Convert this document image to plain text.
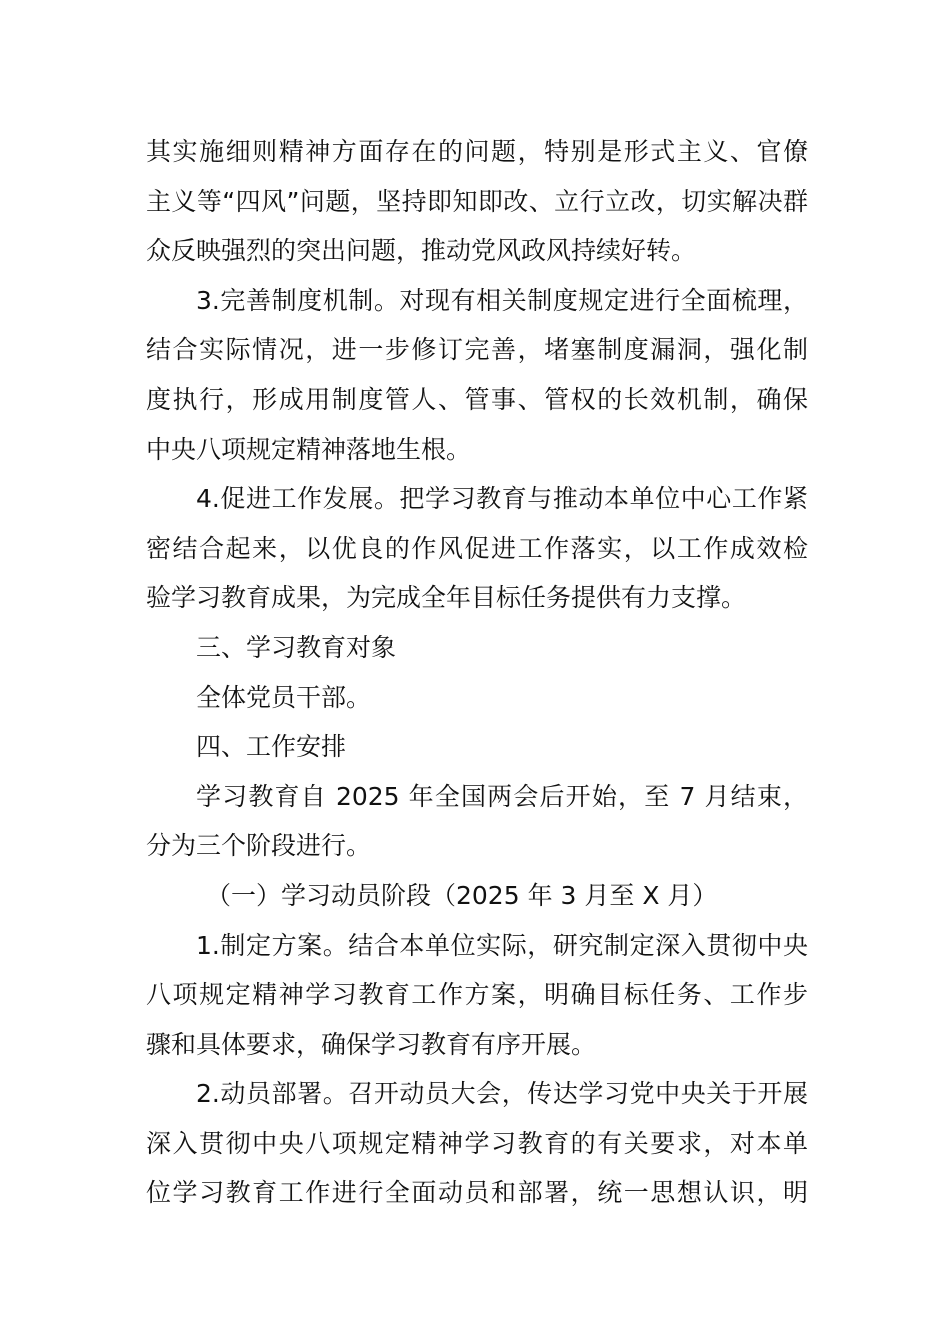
其实施细则精神方面存在的问题，特别是形式主义、官僚
主义等“四风”问题，坚持即知即改、立行立改，切实解决群
众反映强烈的突出问题，推动党风政风持续好转。
3.完善制度机制。对现有相关制度规定进行全面梳理，
结合实际情况，进一步修订完善，堵塞制度漏洞，强化制
度执行，形成用制度管人、管事、管权的长效机制，确保
中央八项规定精神落地生根。
4.促进工作发展。把学习教育与推动本单位中心工作紧
密结合起来，以优良的作风促进工作落实，以工作成效检
验学习教育成果，为完成全年目标任务提供有力支撑。
三、学习教育对象
全体党员干部。
四、工作安排
学习教育自 2025 年全国两会后开始，至 7 月结束，
分为三个阶段进行。
（一）学习动员阶段（2025 年 3 月至 X 月）
1.制定方案。结合本单位实际，研究制定深入贯彻中央
八项规定精神学习教育工作方案，明确目标任务、工作步
骤和具体要求，确保学习教育有序开展。
2.动员部署。召开动员大会，传达学习党中央关于开展
深入贯彻中央八项规定精神学习教育的有关要求，对本单
位学习教育工作进行全面动员和部署，统一思想认识，明
